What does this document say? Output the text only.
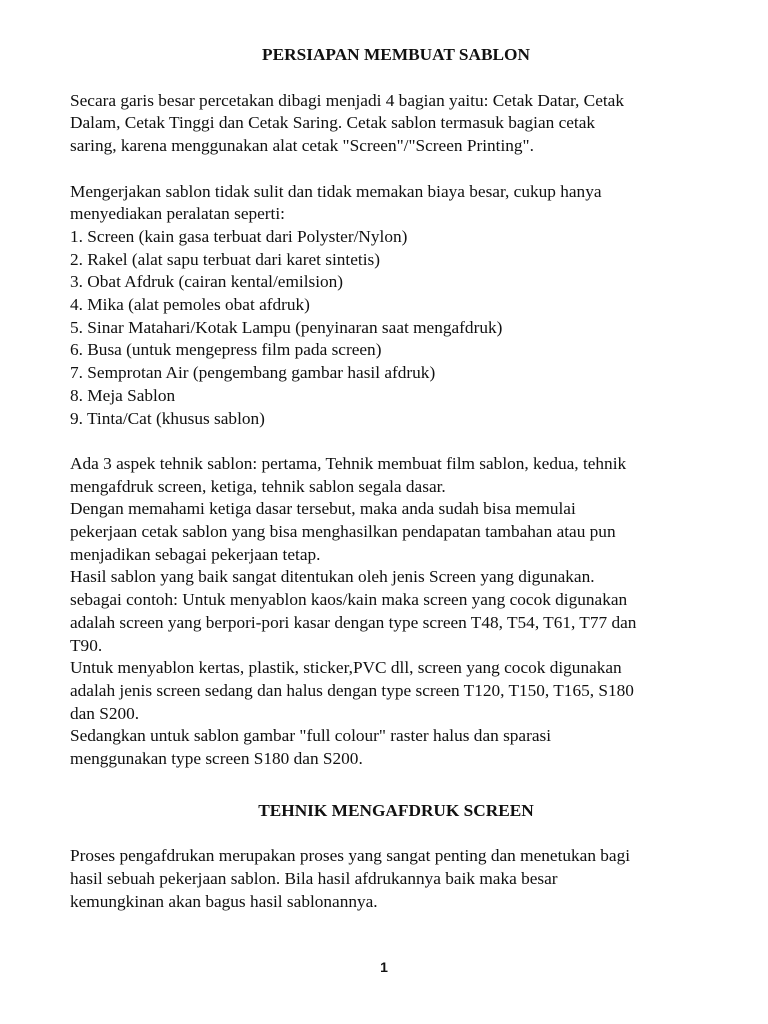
PERSIAPAN MEMBUAT SABLON
Secara garis besar percetakan dibagi menjadi 4 bagian yaitu: Cetak Datar, Cetak
Dalam, Cetak Tinggi dan Cetak Saring. Cetak sablon termasuk bagian cetak
saring, karena menggunakan alat cetak "Screen"/"Screen Printing".
Mengerjakan sablon tidak sulit dan tidak memakan biaya besar, cukup hanya
menyediakan peralatan seperti:
1. Screen (kain gasa terbuat dari Polyster/Nylon)
2. Rakel (alat sapu terbuat dari karet sintetis)
3. Obat Afdruk (cairan kental/emilsion)
4. Mika (alat pemoles obat afdruk)
5. Sinar Matahari/Kotak Lampu (penyinaran saat mengafdruk)
6. Busa (untuk mengepress film pada screen)
7. Semprotan Air (pengembang gambar hasil afdruk)
8. Meja Sablon
9. Tinta/Cat (khusus sablon)
Ada 3 aspek tehnik sablon: pertama, Tehnik membuat film sablon, kedua, tehnik
mengafdruk screen, ketiga, tehnik sablon segala dasar.
Dengan memahami ketiga dasar tersebut, maka anda sudah bisa memulai
pekerjaan cetak sablon yang bisa menghasilkan pendapatan tambahan atau pun
menjadikan sebagai pekerjaan tetap.
Hasil sablon yang baik sangat ditentukan oleh jenis Screen yang digunakan.
sebagai contoh: Untuk menyablon kaos/kain maka screen yang cocok digunakan
adalah screen yang berpori-pori kasar dengan type screen T48, T54, T61, T77 dan
T90.
Untuk menyablon kertas, plastik, sticker,PVC dll, screen yang cocok digunakan
adalah jenis screen sedang dan halus dengan type screen T120, T150, T165, S180
dan S200.
Sedangkan untuk sablon gambar "full colour" raster halus dan sparasi
menggunakan type screen S180 dan S200.
TEHNIK MENGAFDRUK SCREEN
Proses pengafdrukan merupakan proses yang sangat penting dan menetukan bagi
hasil sebuah pekerjaan sablon. Bila hasil afdrukannya baik maka besar
kemungkinan akan bagus hasil sablonannya.
1
